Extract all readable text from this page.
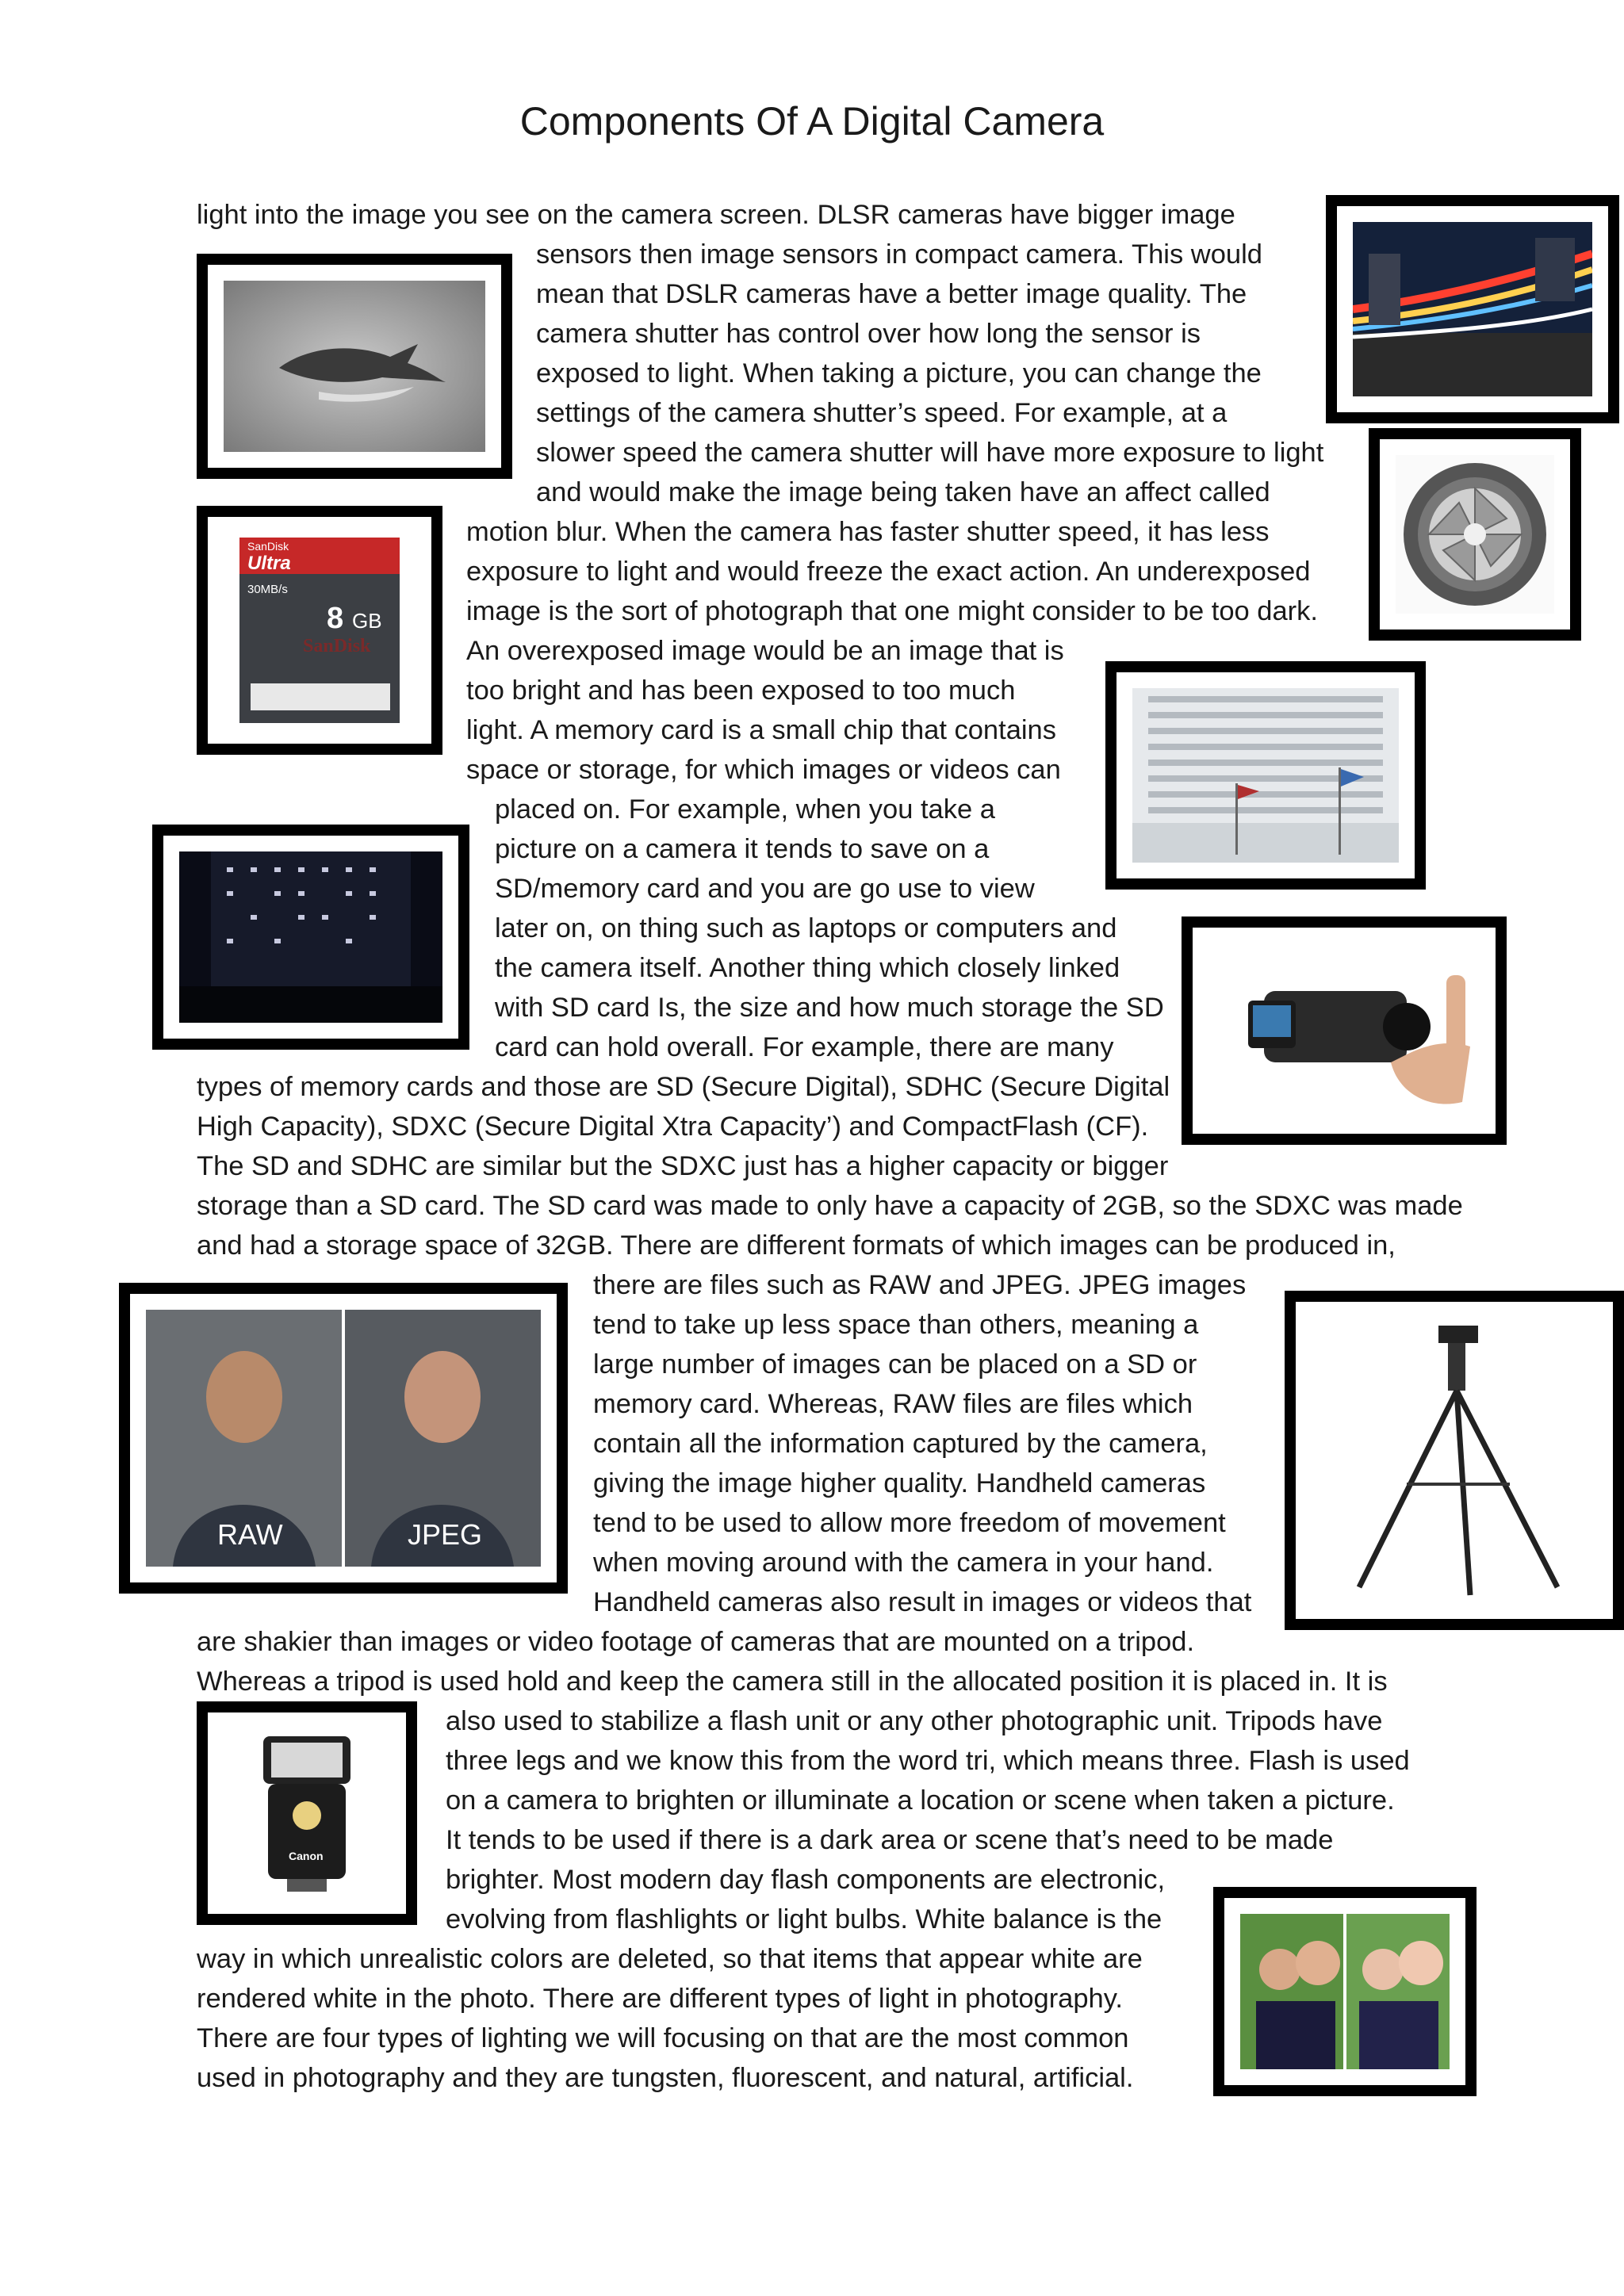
Components Of A Digital Camera
light into the image you see on the camera screen. DLSR cameras have bigger image
sensors then image sensors in compact camera. This would
mean that DSLR cameras have a better image quality. The
camera shutter has control over how long the sensor is
exposed to light. When taking a picture, you can change the
settings of the camera shutter’s speed. For example, at a
slower speed the camera shutter will have more exposure to light
and would make the image being taken have an affect called
motion blur. When the camera has faster shutter speed, it has less
exposure to light and would freeze the exact action. An underexposed
image is the sort of photograph that one might consider to be too dark.
An overexposed image would be an image that is
too bright and has been exposed to too much
light. A memory card is a small chip that contains
space or storage, for which images or videos can
placed on. For example, when you take a
picture on a camera it tends to save on a
SD/memory card and you are go use to view
later on, on thing such as laptops or computers and
the camera itself. Another thing which closely linked
with SD card Is, the size and how much storage the SD
card can hold overall. For example, there are many
types of memory cards and those are SD (Secure Digital), SDHC (Secure Digital
High Capacity), SDXC (Secure Digital Xtra Capacity’) and CompactFlash (CF).
The SD and SDHC are similar but the SDXC just has a higher capacity or bigger
storage than a SD card. The SD card was made to only have a capacity of 2GB, so the SDXC was made
and had a storage space of 32GB. There are different formats of which images can be produced in,
there are files such as RAW and JPEG. JPEG images
tend to take up less space than others, meaning a
large number of images can be placed on a SD or
memory card. Whereas, RAW files are files which
contain all the information captured by the camera,
giving the image higher quality. Handheld cameras
tend to be used to allow more freedom of movement
when moving around with the camera in your hand.
Handheld cameras also result in images or videos that
are shakier than images or video footage of cameras that are mounted on a tripod.
Whereas a tripod is used hold and keep the camera still in the allocated position it is placed in. It is
also used to stabilize a flash unit or any other photographic unit. Tripods have
three legs and we know this from the word tri, which means three. Flash is used
on a camera to brighten or illuminate a location or scene when taken a picture.
It tends to be used if there is a dark area or scene that’s need to be made
brighter. Most modern day flash components are electronic,
evolving from flashlights or light bulbs. White balance is the
way in which unrealistic colors are deleted, so that items that appear white are
rendered white in the photo. There are different types of light in photography.
There are four types of lighting we will focusing on that are the most common
used in photography and they are tungsten, fluorescent, and natural, artificial.
SanDisk
Ultra
30MB/s
8 GB
SanDisk
RAW	JPEG
Canon
